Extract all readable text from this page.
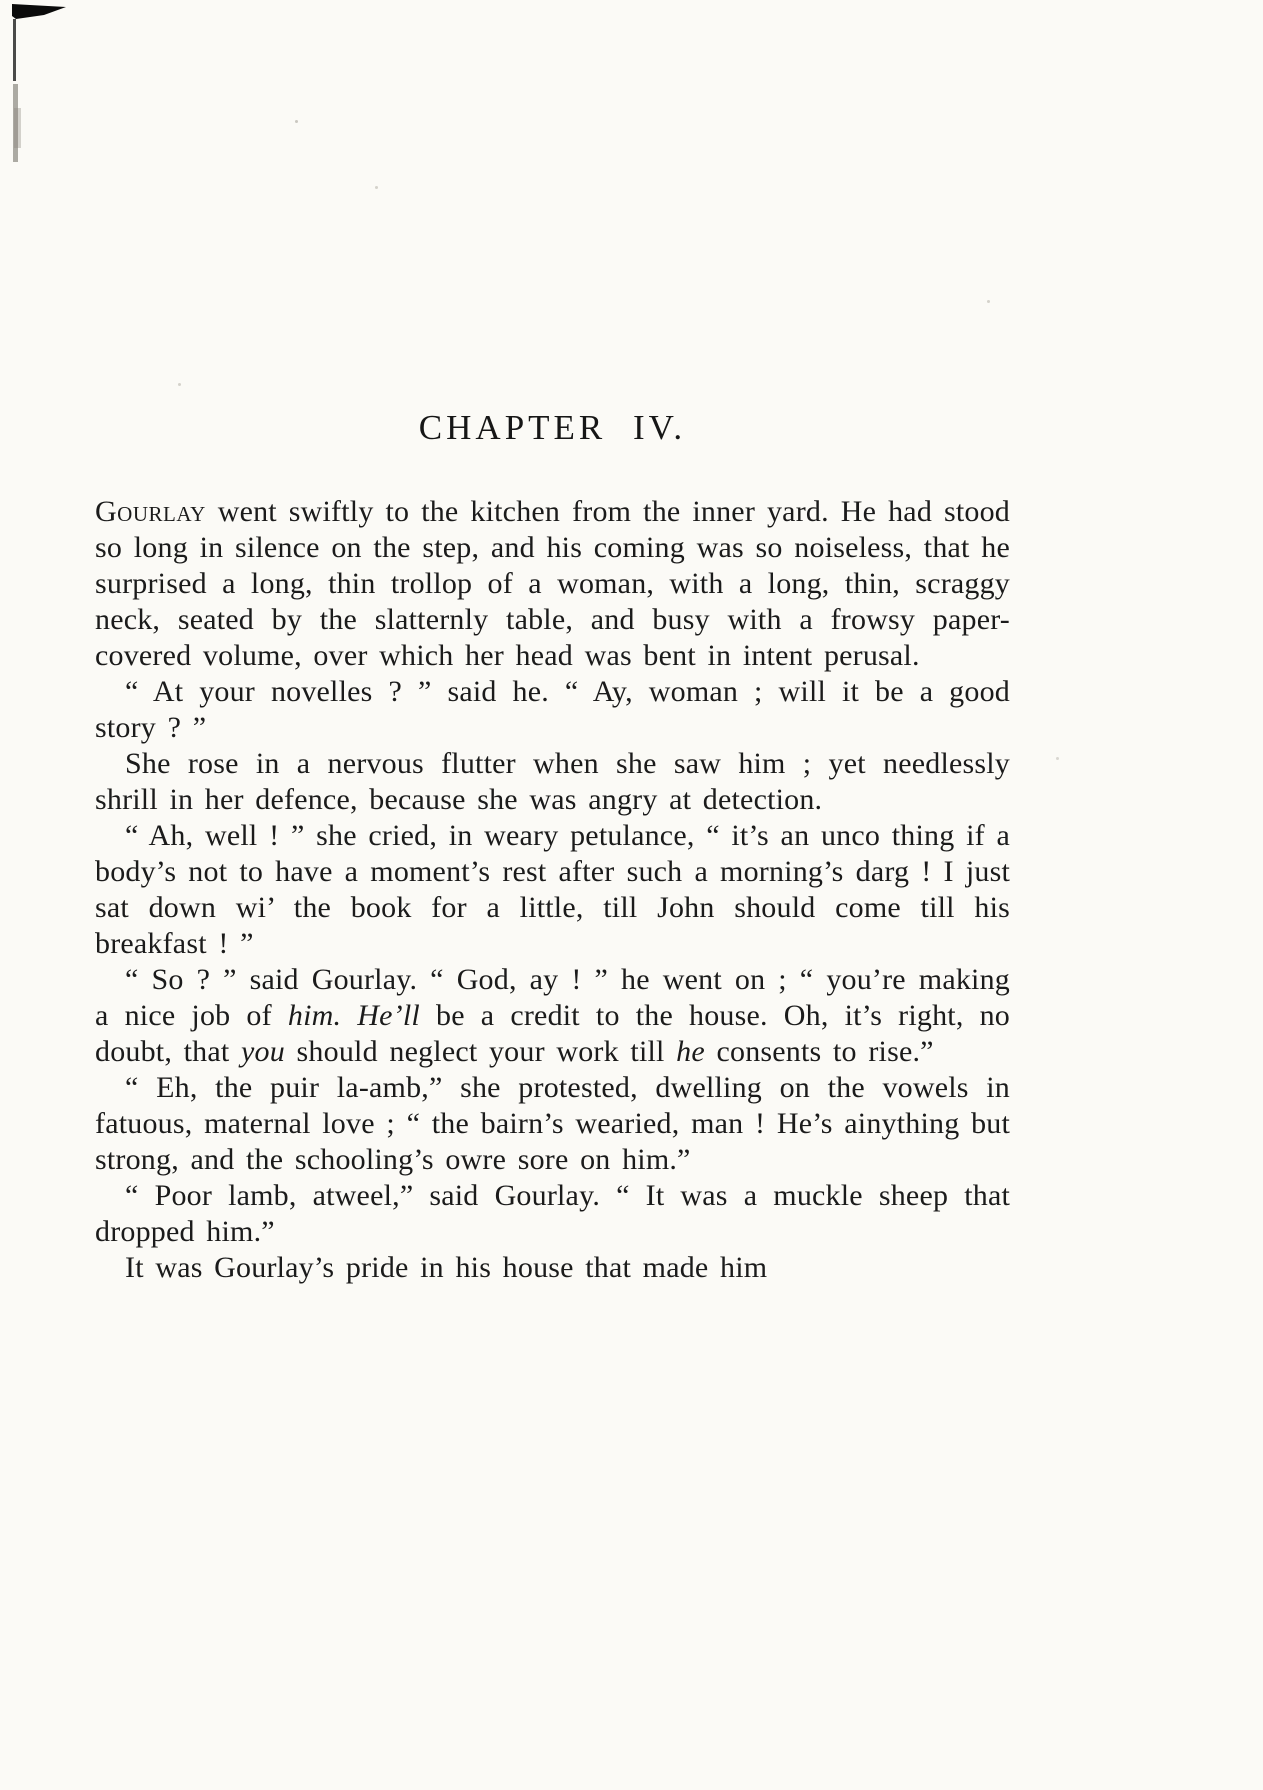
CHAPTER IV.

Gourlay went swiftly to the kitchen from the inner yard. He had stood so long in silence on the step, and his coming was so noiseless, that he surprised a long, thin trollop of a woman, with a long, thin, scraggy neck, seated by the slatternly table, and busy with a frowsy paper-covered volume, over which her head was bent in intent perusal.

“ At your novelles ? ” said he. “ Ay, woman ; will it be a good story ? ”

She rose in a nervous flutter when she saw him ; yet needlessly shrill in her defence, because she was angry at detection.

“ Ah, well ! ” she cried, in weary petulance, “ it’s an unco thing if a body’s not to have a moment’s rest after such a morning’s darg ! I just sat down wi’ the book for a little, till John should come till his breakfast ! ”

“ So ? ” said Gourlay. “ God, ay ! ” he went on ; “ you’re making a nice job of him. He’ll be a credit to the house. Oh, it’s right, no doubt, that you should neglect your work till he consents to rise.”

“ Eh, the puir la-amb,” she protested, dwelling on the vowels in fatuous, maternal love ; “ the bairn’s wearied, man ! He’s ainything but strong, and the schooling’s owre sore on him.”

“ Poor lamb, atweel,” said Gourlay. “ It was a muckle sheep that dropped him.”

It was Gourlay’s pride in his house that made him
